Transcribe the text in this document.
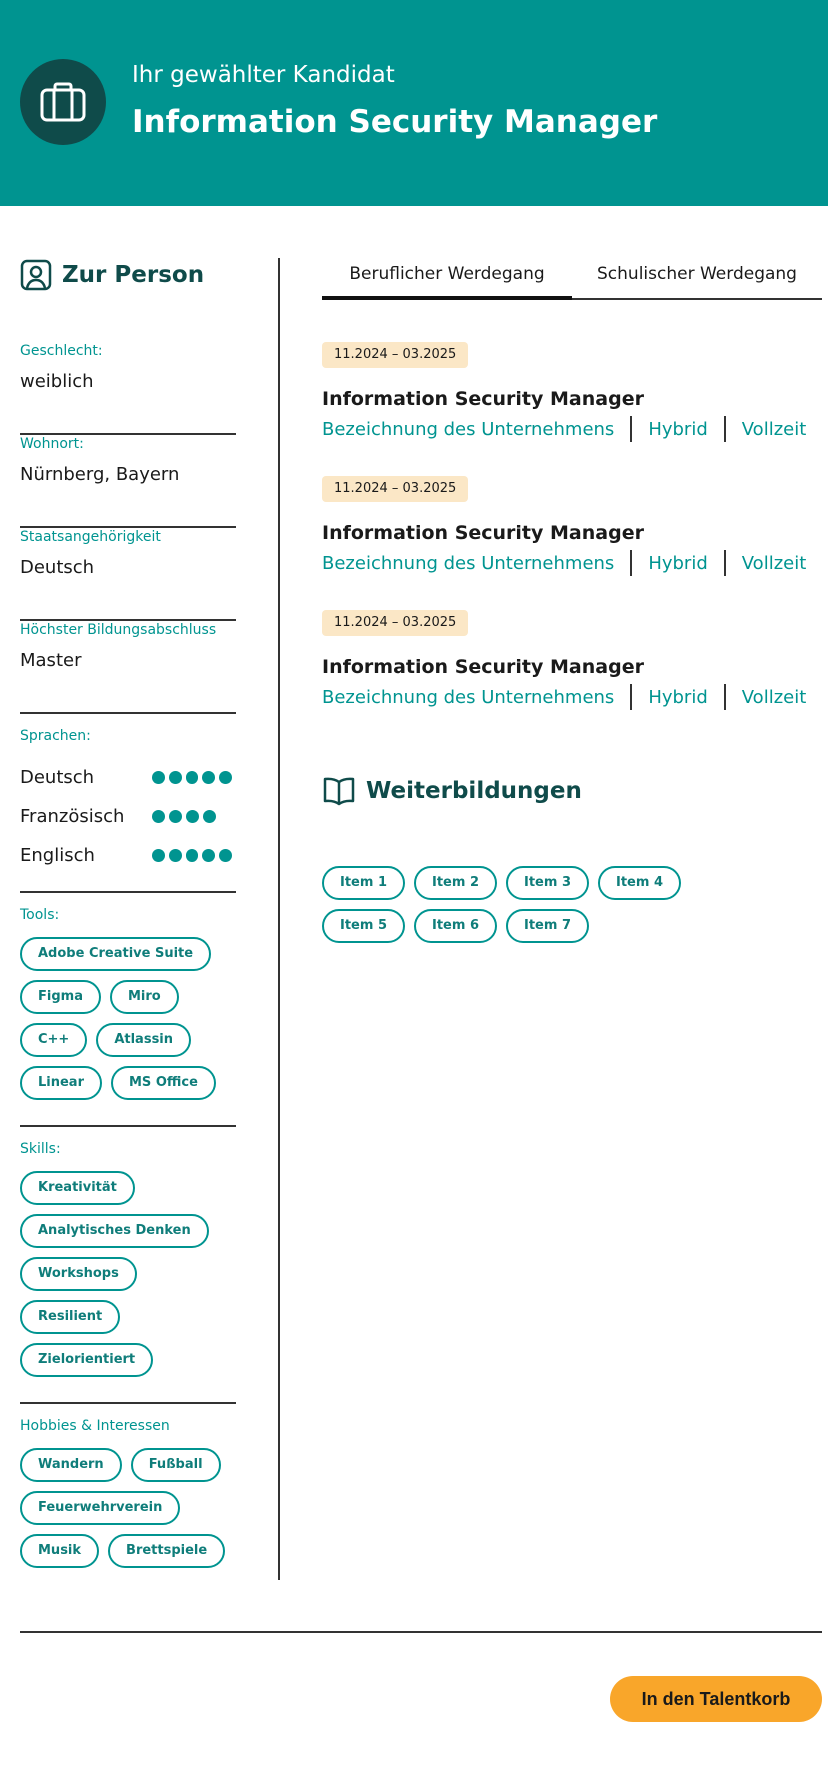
Ihr gewählter Kandidat
Information Security Manager
Zur Person
Geschlecht:
weiblich
Wohnort:
Nürnberg, Bayern
Staatsangehörigkeit
Deutsch
Höchster Bildungsabschluss
Master
Sprachen:
Deutsch
Französisch
Englisch
Tools:
Adobe Creative Suite
Figma	Miro
C++	Atlassin
Linear	MS Office
Skills:
Kreativität
Analytisches Denken
Workshops
Resilient
Zielorientiert
Hobbies & Interessen
Wandern	Fußball
Feuerwehrverein
Musik	Brettspiele
Beruflicher Werdegang	Schulischer Werdegang
11.2024 – 03.2025
Information Security Manager
Bezeichnung des Unternehmens Hybrid Vollzeit
11.2024 – 03.2025
Information Security Manager
Bezeichnung des Unternehmens Hybrid Vollzeit
11.2024 – 03.2025
Information Security Manager
Bezeichnung des Unternehmens Hybrid Vollzeit
Weiterbildungen
Item 1	Item 2	Item 3	Item 4
Item 5	Item 6	Item 7
In den Talentkorb
